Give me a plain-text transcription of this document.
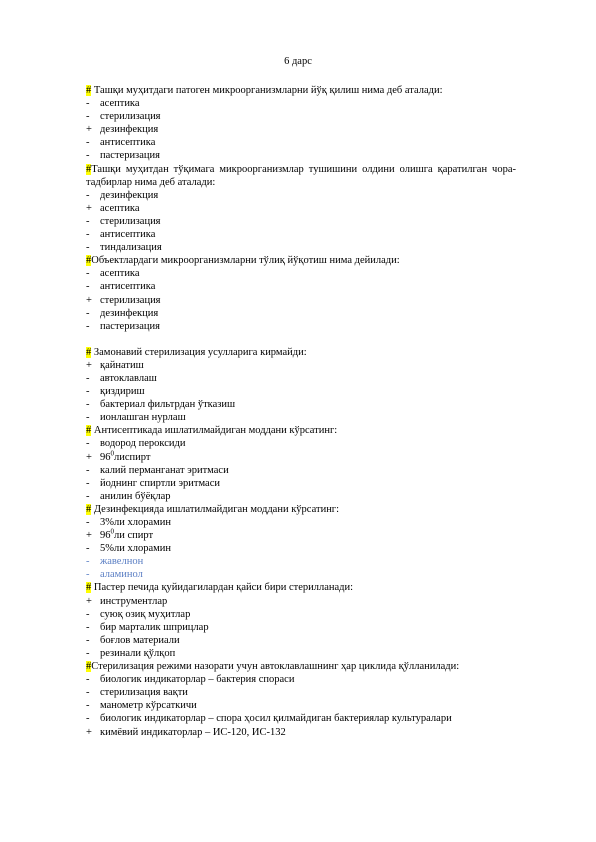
6 дарс

# Ташқи муҳитдаги патоген микроорганизмларни йўқ қилиш нима деб аталади:

-	асептика
-	стерилизация
+ дезинфекция
-	антисептика
-	пастеризация

#Ташқи муҳитдан тўқимага микроорганизмлар тушишини олдини олишга қаратилган чора- тадбирлар нима деб аталади:

-	дезинфекция
+ асептика
-	стерилизация
-	антисептика
-	тиндализация

#Объектлардаги микроорганизмларни тўлиқ йўқотиш нима дейилади:

-	асептика
-	антисептика
+ стерилизация
-	дезинфекция
-	пастеризация

# Замонавий стерилизация усулларига кирмайди:

+ қайнатиш
-	автоклавлаш
-	қиздириш
-	бактериал фильтрдан ўтказиш
-	ионлашган нурлаш

# Антисептикада ишлатилмайдиган моддани кўрсатинг:

-	водород пероксиди
+ $96^0лиспирт$
-	калий перманганат эритмаси
-	йоднинг спиртли эритмаси
-	анилин бўёқлар

# Дезинфекцияда ишлатилмайдиган моддани кўрсатинг:

-	3%ли хлорамин
+ $96^0ли$ спирт
-	5%ли хлорамин
-	жавелнон
-	аламинол

# Пастер печида қуйидагилардан қайси бири стерилланади:

+ инструментлар
-	суюқ озиқ муҳитлар
-	бир марталик шприцлар
-	боғлов материали
-	резинали қўлқоп

#Стерилизация режими назорати учун автоклавлашнинг ҳар циклида қўлланилади:

-	биологик индикаторлар – бактерия спораси
-	стерилизация вақти
-	манометр кўрсаткичи
-	биологик индикаторлар – спора ҳосил қилмайдиган бактериялар культуралари
+ кимёвий индикаторлар – ИС-120, ИС-132
